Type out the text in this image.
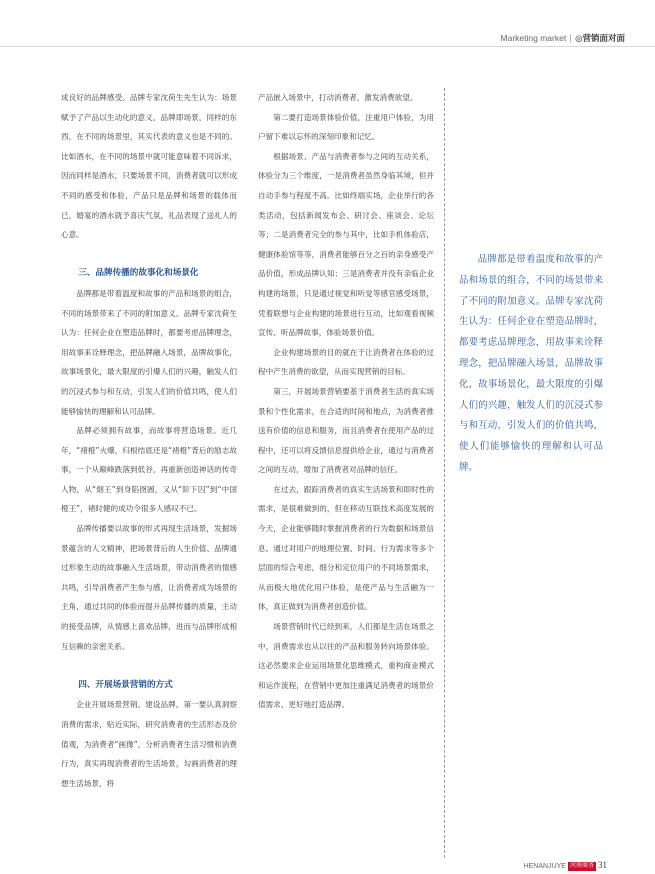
Marketing market | ◎营销面对面

成良好的品牌感受。品牌专家沈荷生先生认为：场景赋予了产品以生动化的意义，品牌即场景，同样的东西，在不同的场景里，其实代表的意义也是不同的。比如酒水，在不同的场景中就可能意味着不同诉求，因而同样是酒水，只要场景不同，消费者就可以形成不同的感受和体验，产品只是品牌和场景的载体而已，婚宴的酒水就予喜庆气氛，礼品表现了送礼人的心意。

三、品牌传播的故事化和场景化

品牌都是带着温度和故事的产品和场景的组合，不同的场景带来了不同的附加意义。品牌专家沈荷生认为：任何企业在塑造品牌时，都要考虑品牌理念，用故事来诠释理念，把品牌融入场景，品牌故事化，故事场景化，最大限度的引爆人们的兴趣，触发人们的沉浸式参与和互动，引发人们的价值共鸣，使人们能够愉快的理解和认可品牌。

品牌必须拥有故事，而故事将营造场景。近几年，“褚橙”火爆，归根结底还是“褚橙”背后的励志故事，一个从巅峰跌落到低谷，再重新创造神话的传奇人物，从“烟王”到身陷囹圄，又从“阶下囚”到“中国橙王”，褚时健的成功令很多人感叹不已。

品牌传播要以故事的形式再现生活场景，发掘场景蕴含的人文精神，把场景背后的人生价值、品牌通过形象生动的故事融入生活场景，带动消费者的情感共鸣，引导消费者产生参与感，让消费者成为场景的主角，通过共同的体验而提升品牌传播的质量，主动的接受品牌，从情感上喜欢品牌，进而与品牌形成相互信赖的亲密关系。

四、开展场景营销的方式

企业开展场景营销、建设品牌。第一要认真洞察消费的需求，贴近实际，研究消费者的生活形态及价值观，为消费者“画像”，分析消费者生活习惯和消费行为，真实再现消费者的生活场景，勾画消费者的理想生活场景，将

产品嵌入场景中，打动消费者，激发消费欲望。

第二要打造场景体验价值，注重用户体验，为用户留下难以忘怀的深刻印象和记忆。

根据场景、产品与消费者参与之间的互动关系，体验分为三个维度，一是消费者虽然身临其境，但并自动手参与程度不高。比如终端实场，企业举行的各类活动，包括新闻发布会、研讨会、座谈会、论坛等；二是消费者完全的参与其中，比如手机体验店，健康体验馆等等，消费者能够百分之百的亲身感受产品价值，形成品牌认知；三是消费者并没有亲临企业构建的场景，只是通过视觉和听觉等感官感受场景，凭着联想与企业构建的场景进行互动，比如观看视频宣传、听品牌故事，体验场景价值。

企业构建场景的目的就在于让消费者在体验的过程中产生消费的欲望，从而实现营销的目标。

第三，开展场景营销要基于消费者生活的真实场景和个性化需求，在合适的时间和地点，为消费者推送有价值的信息和服务，而且消费者在使用产品的过程中，还可以将反馈信息提供给企业，通过与消费者之间的互动，增加了消费者对品牌的信任。

在过去，跟踪消费者的真实生活场景和即时性的需求，是很难做到的，但在移动互联技术高度发展的今天，企业能够随时掌握消费者的行为数据和场景信息。通过对用户的地理位置、时间、行为需求等多个层面的综合考虑，细分和定位用户的不同场景需求，从而极大地优化用户体验，是使产品与生活融为一体，真正做到为消费者创造价值。

场景营销时代已经到来，人们都是生活在场景之中，消费需求也从以往的产品和服务转向场景体验。这必然要求企业运用场景化思维模式，重构商业模式和运作流程，在营销中更加注重满足消费者的场景价值需求、更好地打造品牌。

品牌都是带着温度和故事的产品和场景的组合，不同的场景带来了不同的附加意义。品牌专家沈荷生认为：任何企业在塑造品牌时，都要考虑品牌理念，用故事来诠释理念，把品牌融入场景，品牌故事化，故事场景化，最大限度的引爆人们的兴趣，触发人们的沉浸式参与和互动，引发人们的价值共鸣，使人们能够愉快的理解和认可品牌。

HENANJUYE 河南商务 31
